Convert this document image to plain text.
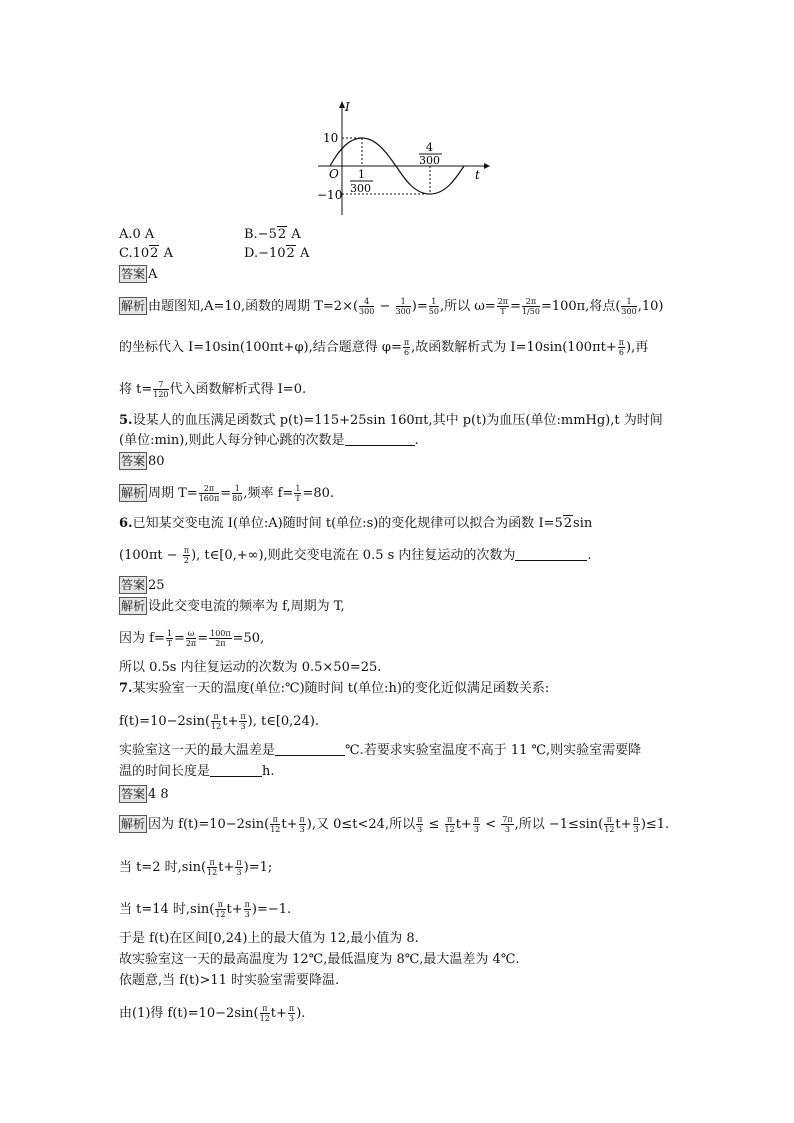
I
t
O
10
−10
1
300
4
300
A.0 A	B.−52 A
C.102 A	D.−102 A
答案 A
解析 由题图知,A=10,函数的周期 $T=2\times( \frac{4}{300} - \frac{1}{300}$ )= $\frac{1}{50}$ ,所以 $\omega= \frac{2\pi}{T} = \frac{2\pi}{1/50} =100\pi$,将点( $\frac{1}{300} ,10$)
的坐标代入 I=10sin(100πt+φ),结合题意得 $\varphi= \frac{\pi}{6}$ ,故函数解析式为 $I=10\sin(100\pi t+ \frac{\pi}{6}$ ),再
将 $t= \frac{7}{120}$ 代入函数解析式得 I=0.
5.设某人的血压满足函数式 p(t)=115+25sin 160πt,其中 p(t)为血压(单位:mmHg),t 为时间
(单位:min),则此人每分钟心跳的次数是	.
答案 80
解析 周期 $T= \frac{2\pi}{160\pi} = \frac{1}{80}$ ,频率 $f= \frac{1}{T} =80$.
6.已知某交变电流 I(单位:A)随时间 t(单位:s)的变化规律可以拟合为函数 I=52sin
($100\pi t - \frac{\pi}{2}$ ), t∈[0,+∞),则此交变电流在 0.5 s 内往复运动的次数为	.
答案 25
解析 设此交变电流的频率为 f,周期为 T,
因为 $f= \frac{1}{T} = \frac{\omega}{2\pi} = \frac{100\pi}{2\pi} =50$,
所以 0.5s 内往复运动的次数为 0.5×50=25.
7.某实验室一天的温度(单位:℃)随时间 t(单位:h)的变化近似满足函数关系:
$f(t)=10-2\sin( \frac{\pi}{12} t+ \frac{\pi}{3}$ ), t∈[0,24).
实验室这一天的最大温差是	℃.若要求实验室温度不高于 11 ℃,则实验室需要降
温的时间长度是	h.
答案 4 8
解析 因为 $f(t)=10-2\sin( \frac{\pi}{12} t+ \frac{\pi}{3}$ ),又 0≤t<24,所以 $\frac{\pi}{3} \le \frac{\pi}{12} t+ \frac{\pi}{3} < \frac{7\pi}{3}$ ,所以 $-1\le\sin( \frac{\pi}{12} t+ \frac{\pi}{3} )\le 1$.
当 t=2 时$,\sin( \frac{\pi}{12} t+ \frac{\pi}{3} )=1$;
当 t=14 时$,\sin( \frac{\pi}{12} t+ \frac{\pi}{3} )=-1$.
于是 f(t)在区间[0,24)上的最大值为 12,最小值为 8.
故实验室这一天的最高温度为 12℃,最低温度为 8℃,最大温差为 4℃.
依题意,当 f(t)>11 时实验室需要降温.
由(1)得 $f(t)=10-2\sin( \frac{\pi}{12} t+ \frac{\pi}{3}$ ).
